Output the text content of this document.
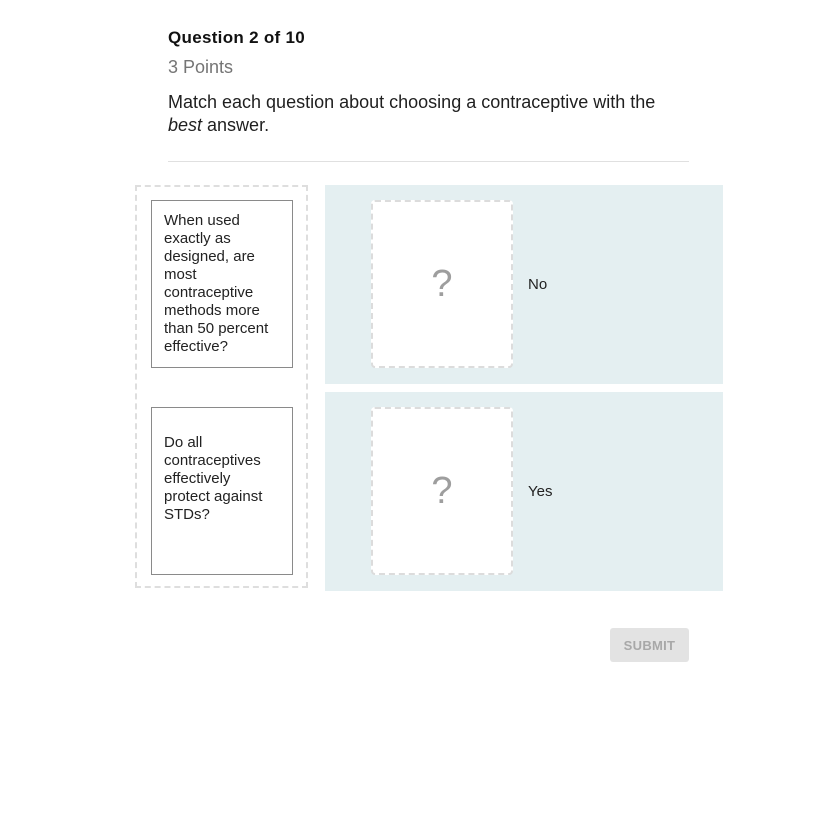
Question 2 of 10
3 Points
Match each question about choosing a contraceptive with the best answer.
When used exactly as designed, are most contraceptive methods more than 50 percent effective?
Do all contraceptives effectively protect against STDs?
?	No
?	Yes
SUBMIT
